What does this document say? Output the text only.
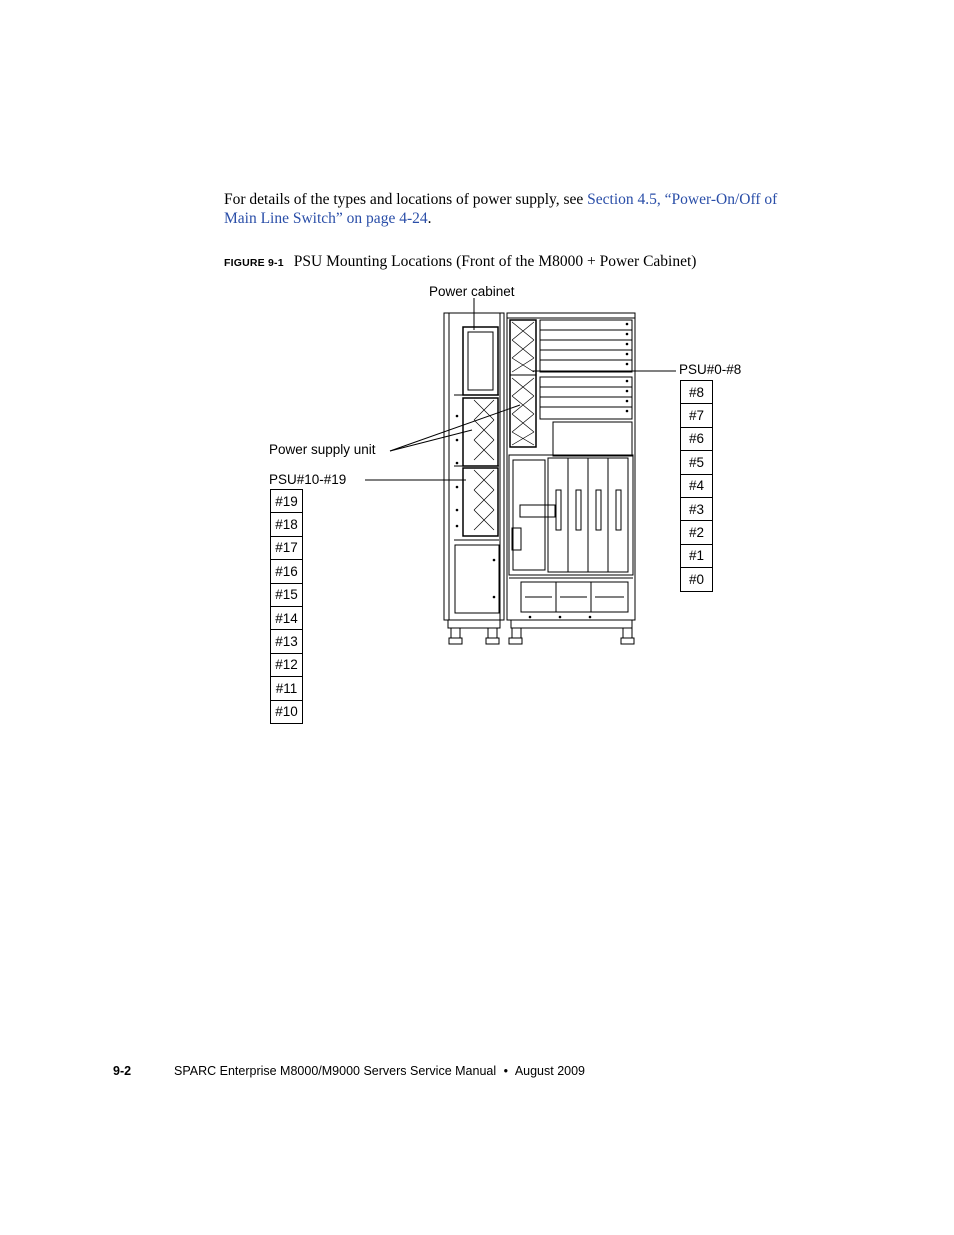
For details of the types and locations of power supply, see Section 4.5, “Power-On/Off of Main Line Switch” on page 4-24.
FIGURE 9-1 PSU Mounting Locations (Front of the M8000 + Power Cabinet)
Power cabinet
PSU#0-#8
Power supply unit
PSU#10-#19
#19
#18
#17
#16
#15
#14
#13
#12
#11
#10
#8
#7
#6
#5
#4
#3
#2
#1
#0
9-2	SPARC Enterprise M8000/M9000 Servers Service Manual • August 2009
